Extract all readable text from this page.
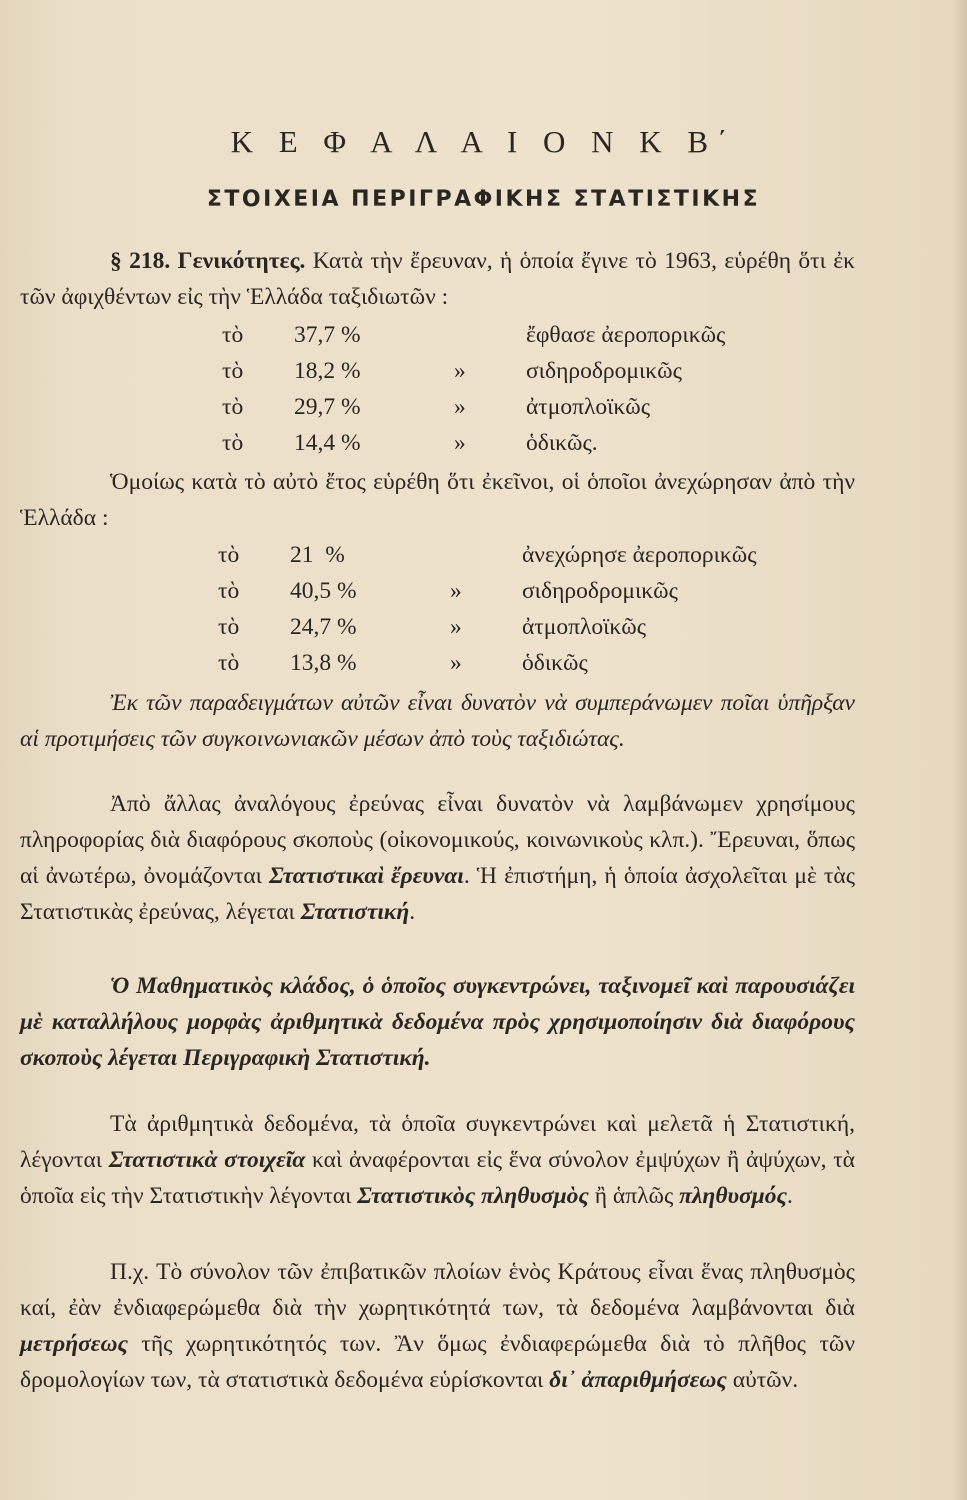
Κ Ε Φ Α Λ Α Ι Ο Ν Κ Β΄
ΣΤΟΙΧΕΙΑ ΠΕΡΙΓΡΑΦΙΚΗΣ ΣΤΑΤΙΣΤΙΚΗΣ
§ 218. Γενικότητες. Κατὰ τὴν ἔρευναν, ἡ ὁποία ἔγινε τὸ 1963, εὑρέθη ὅτι ἐκ τῶν ἀφιχθέντων εἰς τὴν Ἑλλάδα ταξιδιωτῶν :
τὸ	37,7 %		ἔφθασε ἀεροπορικῶς
τὸ	18,2 %	»	σιδηροδρομικῶς
τὸ	29,7 %	»	ἀτμοπλοϊκῶς
τὸ	14,4 %	»	ὁδικῶς.
Ὁμοίως κατὰ τὸ αὐτὸ ἔτος εὑρέθη ὅτι ἐκεῖνοι, οἱ ὁποῖοι ἀνεχώρησαν ἀπὸ τὴν Ἑλλάδα :
τὸ	21  %		ἀνεχώρησε ἀεροπορικῶς
τὸ	40,5 %	»	σιδηροδρομικῶς
τὸ	24,7 %	»	ἀτμοπλοϊκῶς
τὸ	13,8 %	»	ὁδικῶς
Ἐκ τῶν παραδειγμάτων αὐτῶν εἶναι δυνατὸν νὰ συμπεράνωμεν ποῖαι ὑπῆρξαν αἱ προτιμήσεις τῶν συγκοινωνιακῶν μέσων ἀπὸ τοὺς ταξιδιώτας.
Ἀπὸ ἄλλας ἀναλόγους ἐρεύνας εἶναι δυνατὸν νὰ λαμβάνωμεν χρησίμους πληροφορίας διὰ διαφόρους σκοποὺς (οἰκονομικούς, κοινωνικοὺς κλπ.). Ἔρευναι, ὅπως αἱ ἀνωτέρω, ὀνομάζονται Στατιστικαὶ ἔρευναι. Ἡ ἐπιστήμη, ἡ ὁποία ἀσχολεῖται μὲ τὰς Στατιστικὰς ἐρεύνας, λέγεται Στατιστική.
Ὁ Μαθηματικὸς κλάδος, ὁ ὁποῖος συγκεντρώνει, ταξινομεῖ καὶ παρουσιάζει μὲ καταλλήλους μορφὰς ἀριθμητικὰ δεδομένα πρὸς χρησιμοποίησιν διὰ διαφόρους σκοποὺς λέγεται Περιγραφικὴ Στατιστική.
Τὰ ἀριθμητικὰ δεδομένα, τὰ ὁποῖα συγκεντρώνει καὶ μελετᾶ ἡ Στατιστική, λέγονται Στατιστικὰ στοιχεῖα καὶ ἀναφέρονται εἰς ἕνα σύνολον ἐμψύχων ἢ ἀψύχων, τὰ ὁποῖα εἰς τὴν Στατιστικὴν λέγονται Στατιστικὸς πληθυσμὸς ἢ ἁπλῶς πληθυσμός.
Π.χ. Τὸ σύνολον τῶν ἐπιβατικῶν πλοίων ἑνὸς Κράτους εἶναι ἕνας πληθυσμὸς καί, ἐὰν ἐνδιαφερώμεθα διὰ τὴν χωρητικότητά των, τὰ δεδομένα λαμβάνονται διὰ μετρήσεως τῆς χωρητικότητός των. Ἂν ὅμως ἐνδιαφερώμεθα διὰ τὸ πλῆθος τῶν δρομολογίων των, τὰ στατιστικὰ δεδομένα εὑρίσκονται δι᾿ ἀπαριθμήσεως αὐτῶν.
